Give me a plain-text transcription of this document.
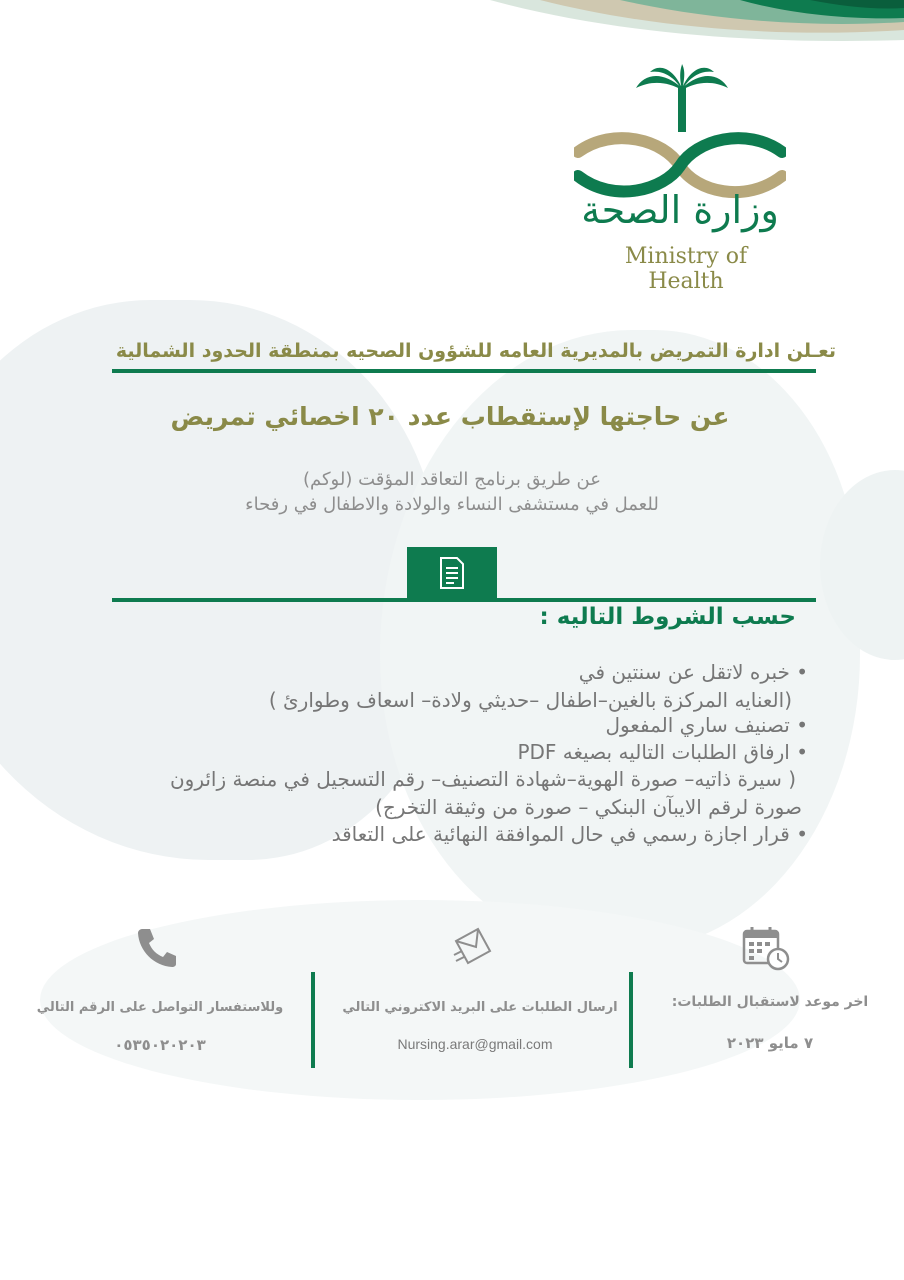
وزارة الصحة
Ministry of Health
تعـلن ادارة التمريض بالمديرية العامه للشؤون الصحيه بمنطقة الحدود الشمالية
عن حاجتها لإستقطاب عدد ٢٠ اخصائي تمريض
عن طريق برنامج التعاقد المؤقت (لوكم)
للعمل في مستشفى النساء والولادة والاطفال في رفحاء
حسب الشروط التاليه :
• خبره لاتقل عن سنتين في
(العنايه المركزة بالغين–اطفال –حديثي ولادة– اسعاف وطوارئ )
• تصنيف ساري المفعول
• ارفاق الطلبات التاليه بصيغه PDF
( سيرة ذاتيه– صورة الهوية–شهادة التصنيف– رقم التسجيل في منصة زائرون
صورة لرقم الايبآن البنكي – صورة من وثيقة التخرج)
• قرار اجازة رسمي في حال الموافقة النهائية على التعاقد
وللاستفسار التواصل على الرقم التالي
٠٥٣٥٠٢٠٢٠٣
ارسال الطلبات على البريد الاكتروني التالي
Nursing.arar@gmail.com
اخر موعد لاستقبال الطلبات:
٧ مايو ٢٠٢٣
